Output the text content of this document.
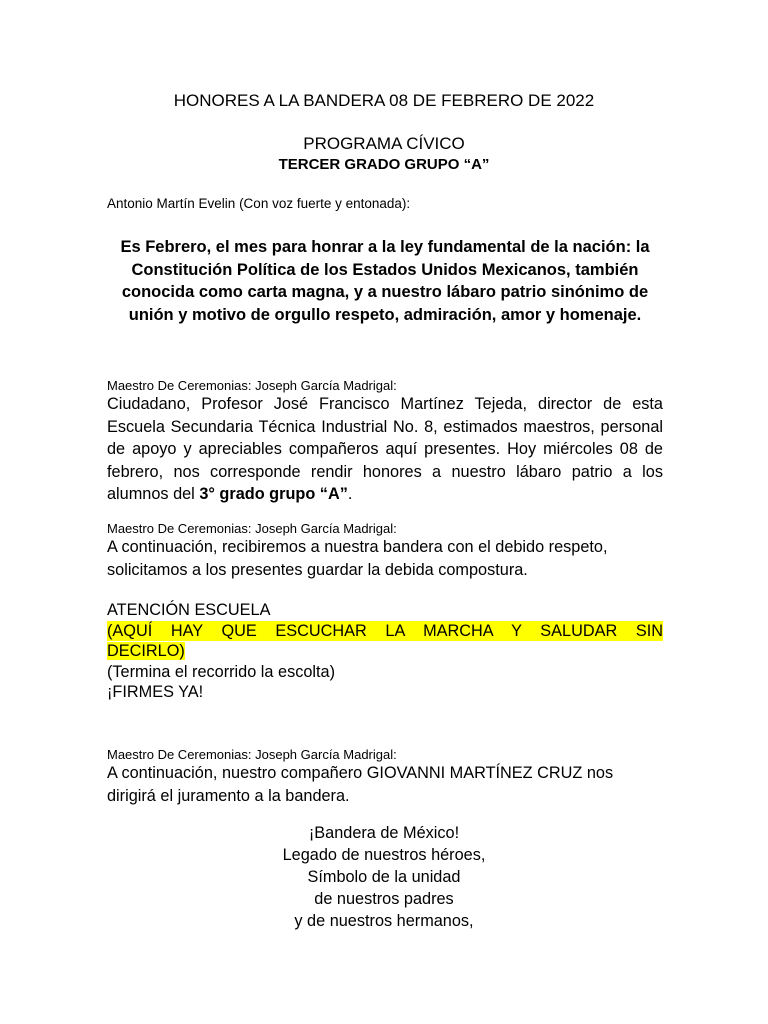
HONORES A LA BANDERA 08 DE FEBRERO DE 2022
PROGRAMA CÍVICO
TERCER GRADO GRUPO “A”
Antonio Martín Evelin (Con voz fuerte y entonada):
Es Febrero, el mes para honrar a la ley fundamental de la nación: la Constitución Política de los Estados Unidos Mexicanos, también conocida como carta magna, y a nuestro lábaro patrio sinónimo de unión y motivo de orgullo respeto, admiración, amor y homenaje.
Maestro De Ceremonias: Joseph García Madrigal:
Ciudadano, Profesor José Francisco Martínez Tejeda, director de esta Escuela Secundaria Técnica Industrial No. 8, estimados maestros, personal de apoyo y apreciables compañeros aquí presentes. Hoy miércoles 08 de febrero, nos corresponde rendir honores a nuestro lábaro patrio a los alumnos del 3° grado grupo “A”.
Maestro De Ceremonias: Joseph García Madrigal:
A continuación, recibiremos a nuestra bandera con el debido respeto, solicitamos a los presentes guardar la debida compostura.
ATENCIÓN ESCUELA
(AQUÍ HAY QUE ESCUCHAR LA MARCHA Y SALUDAR SIN
DECIRLO)
(Termina el recorrido la escolta)
¡FIRMES YA!
Maestro De Ceremonias: Joseph García Madrigal:
A continuación, nuestro compañero GIOVANNI MARTÍNEZ CRUZ nos dirigirá el juramento a la bandera.
¡Bandera de México!
Legado de nuestros héroes,
Símbolo de la unidad
de nuestros padres
y de nuestros hermanos,
